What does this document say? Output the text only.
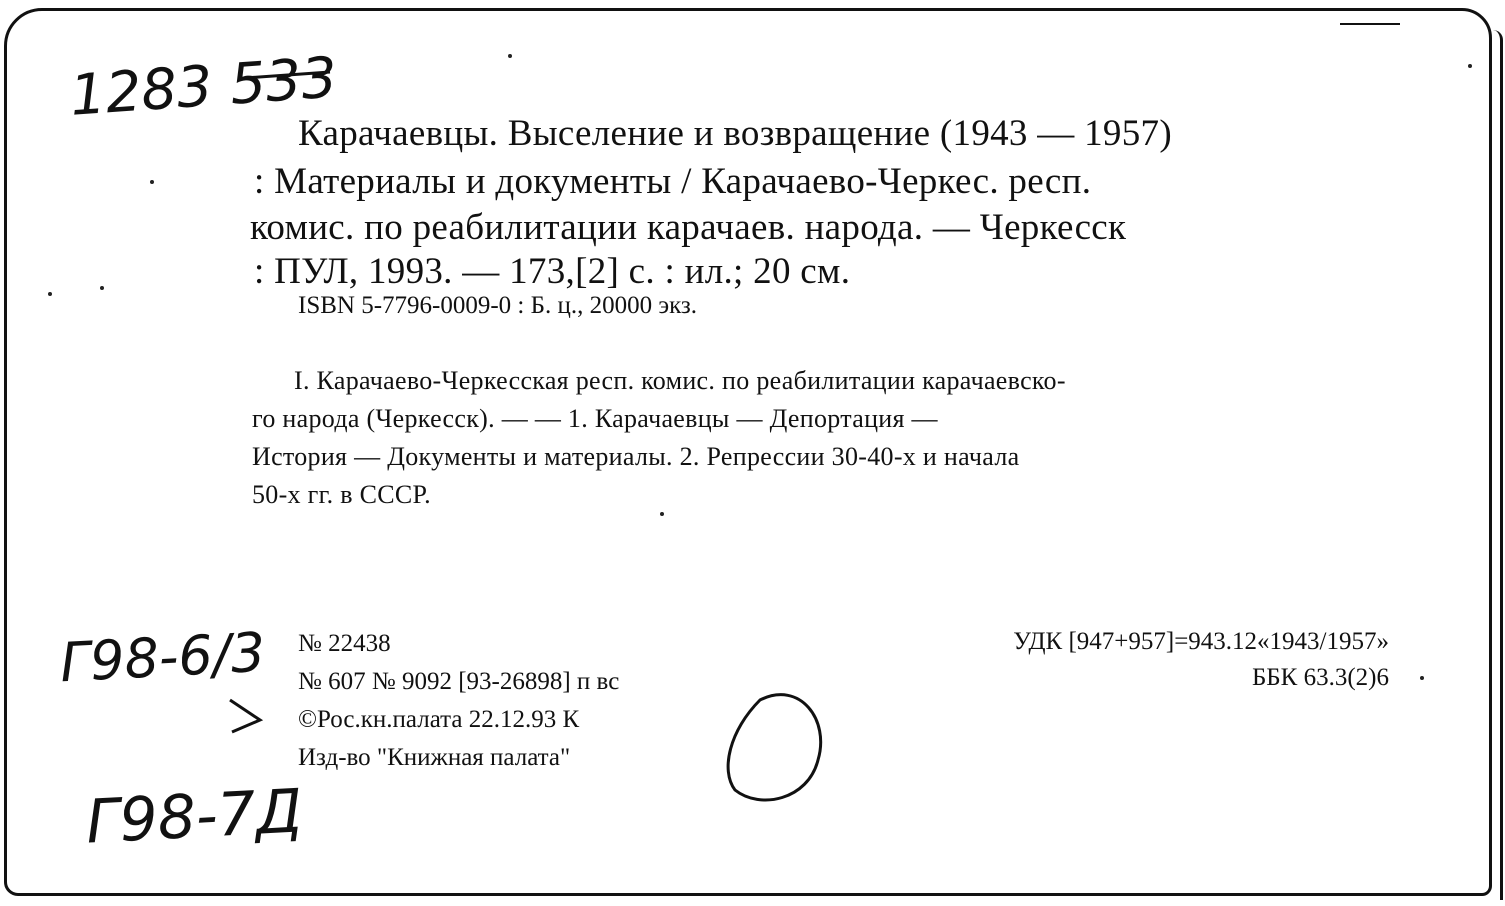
1283 533
Г98-6/3
Г98-7Д
Карачаевцы. Выселение и возвращение (1943 — 1957)
: Материалы и документы / Карачаево-Черкес. респ.
комис. по реабилитации карачаев. народа. — Черкесск
: ПУЛ, 1993. — 173,[2] с. : ил.; 20 см.
ISBN 5-7796-0009-0 : Б. ц., 20000 экз.
I. Карачаево-Черкесская респ. комис. по реабилитации карачаевско-
го народа (Черкесск). — — 1. Карачаевцы — Депортация —
История — Документы и материалы. 2. Репрессии 30-40-х и начала
50-х гг. в СССР.
№ 22438
№ 607 № 9092 [93-26898] п вс
©Рос.кн.палата 22.12.93 К
Изд-во "Книжная палата"
УДК [947+957]=943.12«1943/1957»
ББК 63.3(2)6
